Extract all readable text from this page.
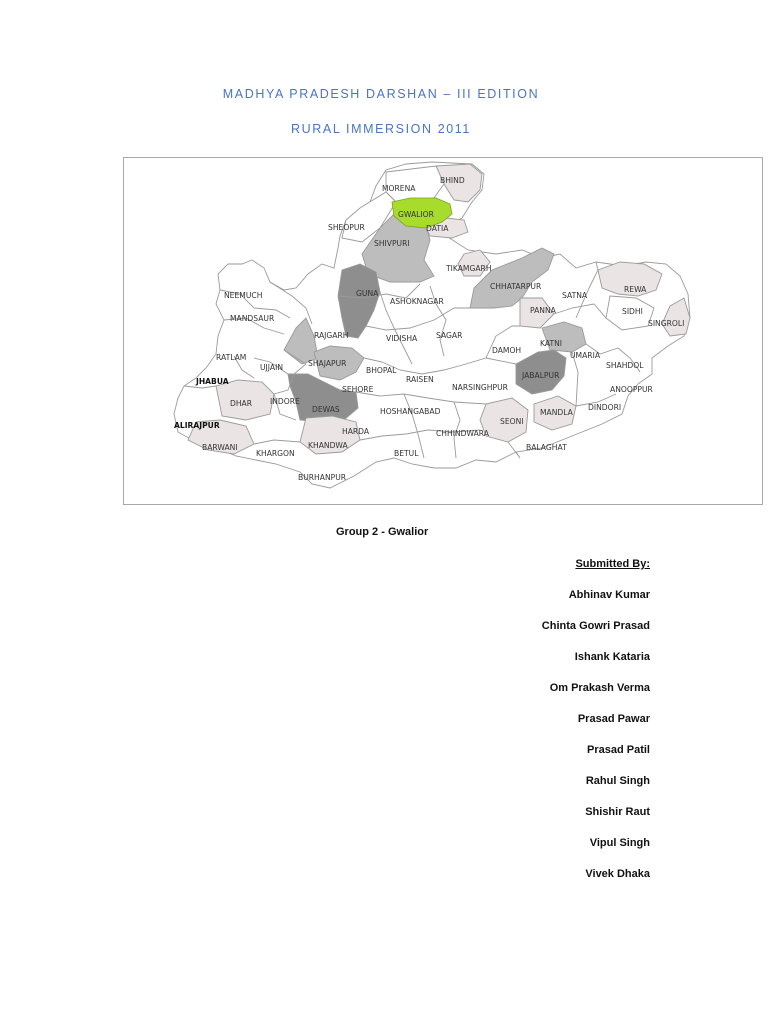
MADHYA PRADESH DARSHAN – III EDITION
RURAL IMMERSION 2011
MORENA
BHIND
GWALIOR
SHEOPUR	DATIA
SHIVPURI
TIKAMGARH
CHHATARPUR
SATNA
REWA
NEEMUCH	GUNA
ASHOKNAGAR
PANNA	SIDHI
SINGROLI
MANDSAUR
RAJGARH	VIDISHA SAGAR
DAMOH
KATNI
UMARIA
SHAHDOL
RATLAM
UJJAIN	SHAJAPUR
BHOPAL
RAISEN	JABALPUR
ANOOPPUR
JHABUA
SEHORE	NARSINGHPUR
DINDORI
DHAR INDORE
DEWAS	HOSHANGABAD	MANDLA
ALIRAJPUR	SEONI
HARDA	CHHINDWARA
BARWANI	KHANDWA	BALAGHAT
KHARGON	BETUL
BURHANPUR
Group 2 - Gwalior
Submitted By:
Abhinav Kumar
Chinta Gowri Prasad
Ishank Kataria
Om Prakash Verma
Prasad Pawar
Prasad Patil
Rahul Singh
Shishir Raut
Vipul Singh
Vivek Dhaka
